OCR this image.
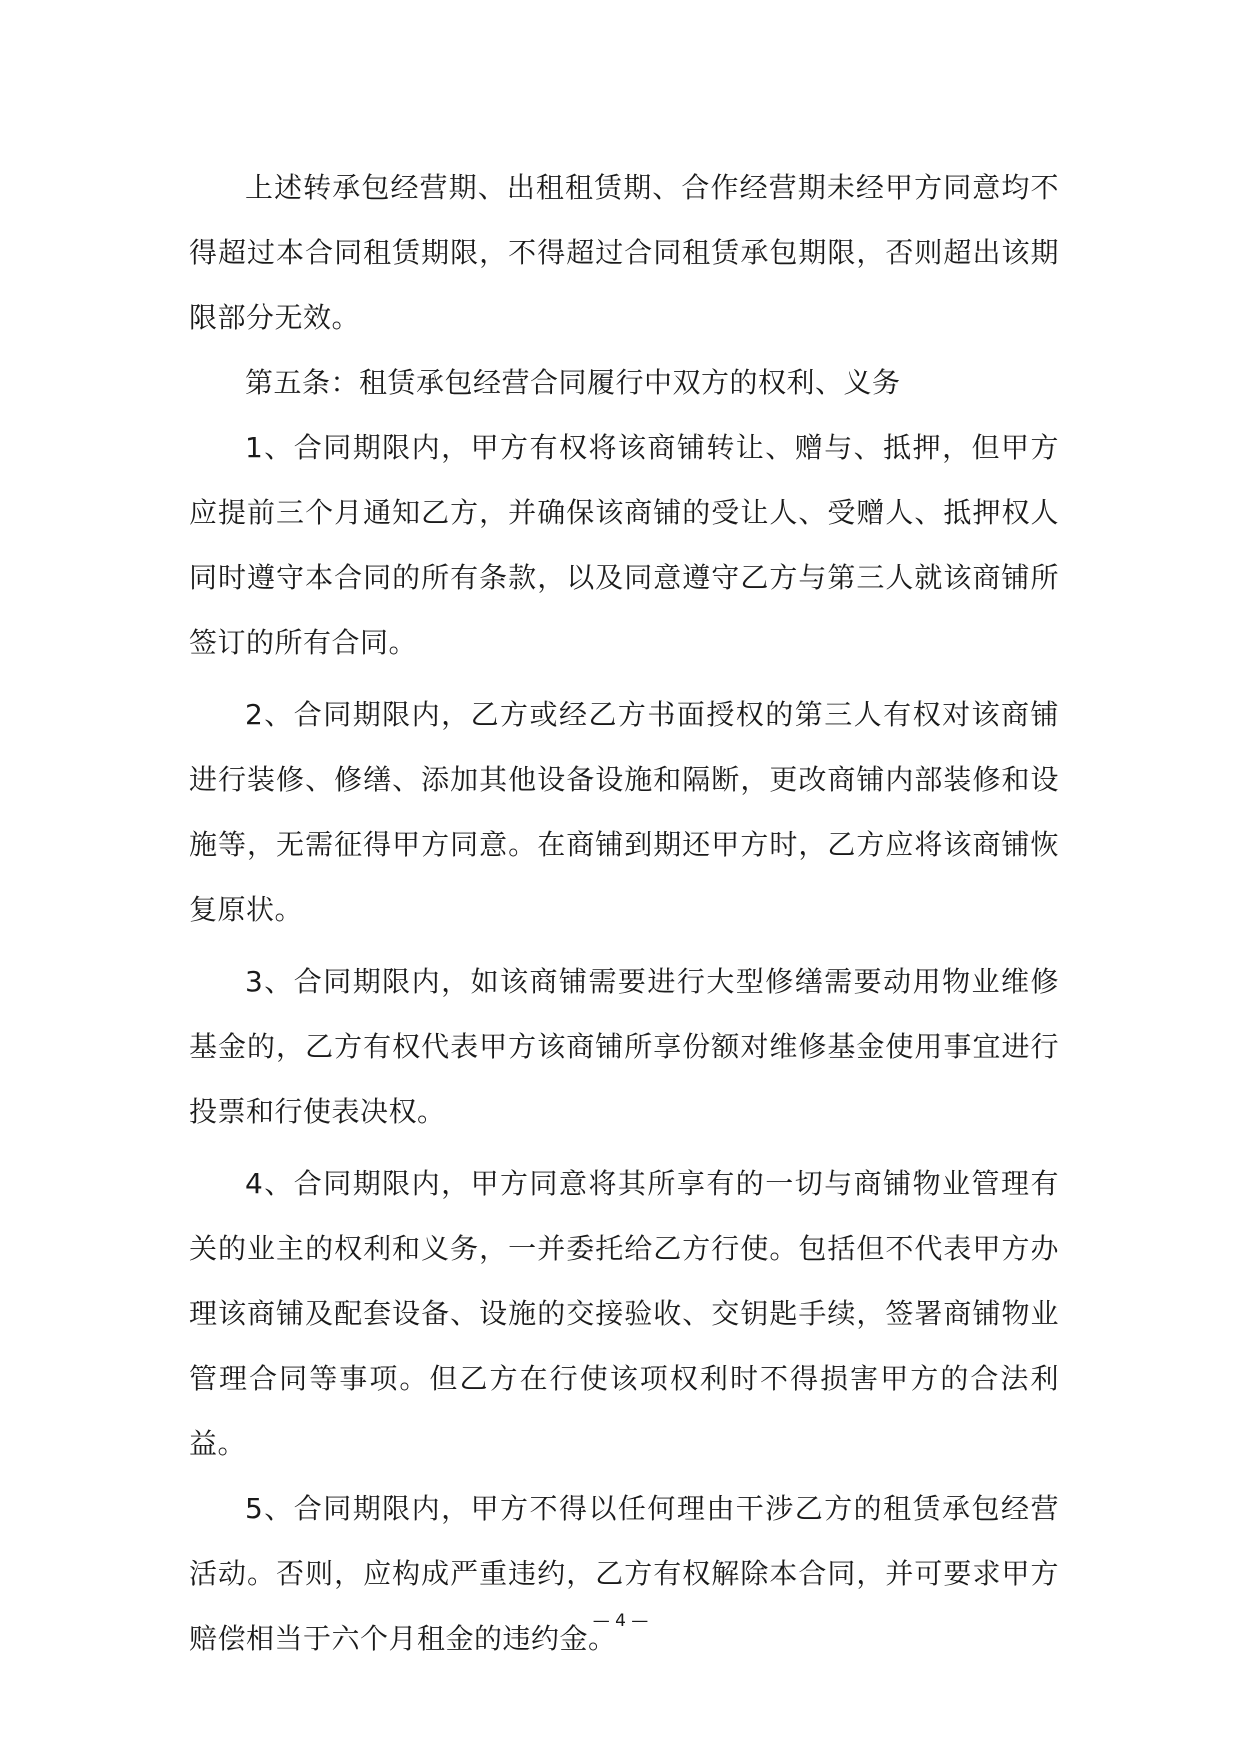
上述转承包经营期、出租租赁期、合作经营期未经甲方同意均不得超过本合同租赁期限，不得超过合同租赁承包期限，否则超出该期限部分无效。

第五条：租赁承包经营合同履行中双方的权利、义务

1、合同期限内，甲方有权将该商铺转让、赠与、抵押，但甲方应提前三个月通知乙方，并确保该商铺的受让人、受赠人、抵押权人同时遵守本合同的所有条款，以及同意遵守乙方与第三人就该商铺所签订的所有合同。

2、合同期限内，乙方或经乙方书面授权的第三人有权对该商铺进行装修、修缮、添加其他设备设施和隔断，更改商铺内部装修和设施等，无需征得甲方同意。在商铺到期还甲方时，乙方应将该商铺恢复原状。

3、合同期限内，如该商铺需要进行大型修缮需要动用物业维修基金的，乙方有权代表甲方该商铺所享份额对维修基金使用事宜进行投票和行使表决权。

4、合同期限内，甲方同意将其所享有的一切与商铺物业管理有关的业主的权利和义务，一并委托给乙方行使。包括但不代表甲方办理该商铺及配套设备、设施的交接验收、交钥匙手续，签署商铺物业管理合同等事项。但乙方在行使该项权利时不得损害甲方的合法利益。

5、合同期限内，甲方不得以任何理由干涉乙方的租赁承包经营活动。否则，应构成严重违约，乙方有权解除本合同，并可要求甲方赔偿相当于六个月租金的违约金。

— 4 —
